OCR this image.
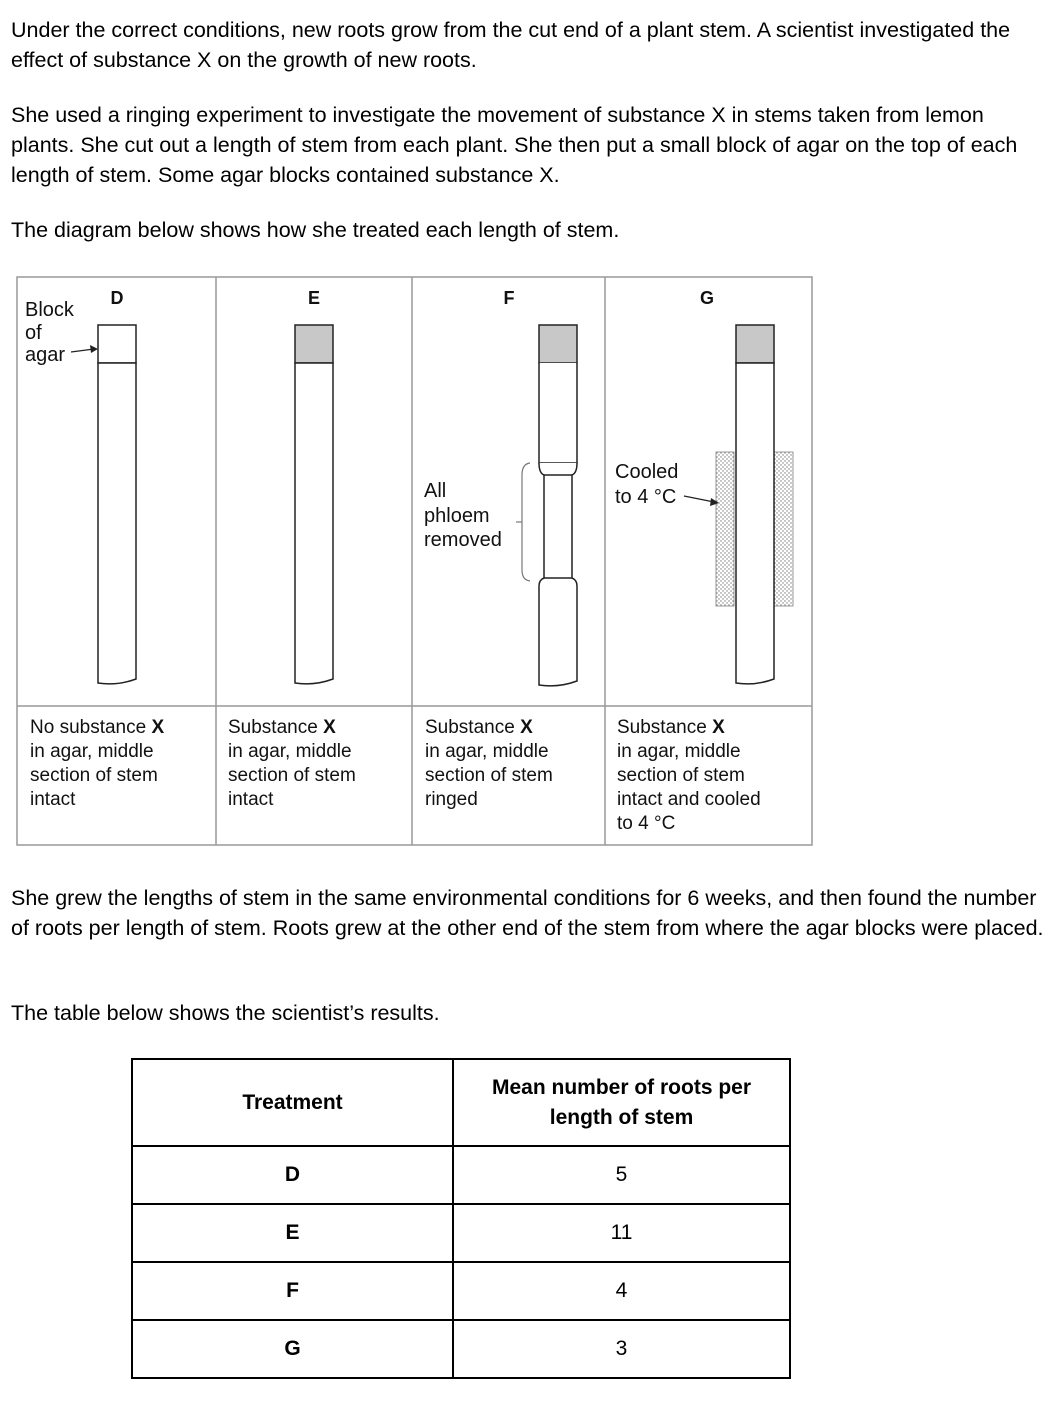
Under the correct conditions, new roots grow from the cut end of a plant stem. A scientist investigated the effect of substance X on the growth of new roots.

She used a ringing experiment to investigate the movement of substance X in stems taken from lemon plants. She cut out a length of stem from each plant. She then put a small block of agar on the top of each length of stem. Some agar blocks contained substance X.

The diagram below shows how she treated each length of stem.

D	E	F	G
Block
of
agar
All
phloem
removed
Cooled
to 4 °C
No substance X
in agar, middle
section of stem
intact
Substance X
in agar, middle
section of stem
intact
Substance X
in agar, middle
section of stem
ringed
Substance X
in agar, middle
section of stem
intact and cooled
to 4 °C

She grew the lengths of stem in the same environmental conditions for 6 weeks, and then found the number of roots per length of stem. Roots grew at the other end of the stem from where the agar blocks were placed.

The table below shows the scientist’s results.

Treatment	Mean number of roots per length of stem
D	5
E	11
F	4
G	3
